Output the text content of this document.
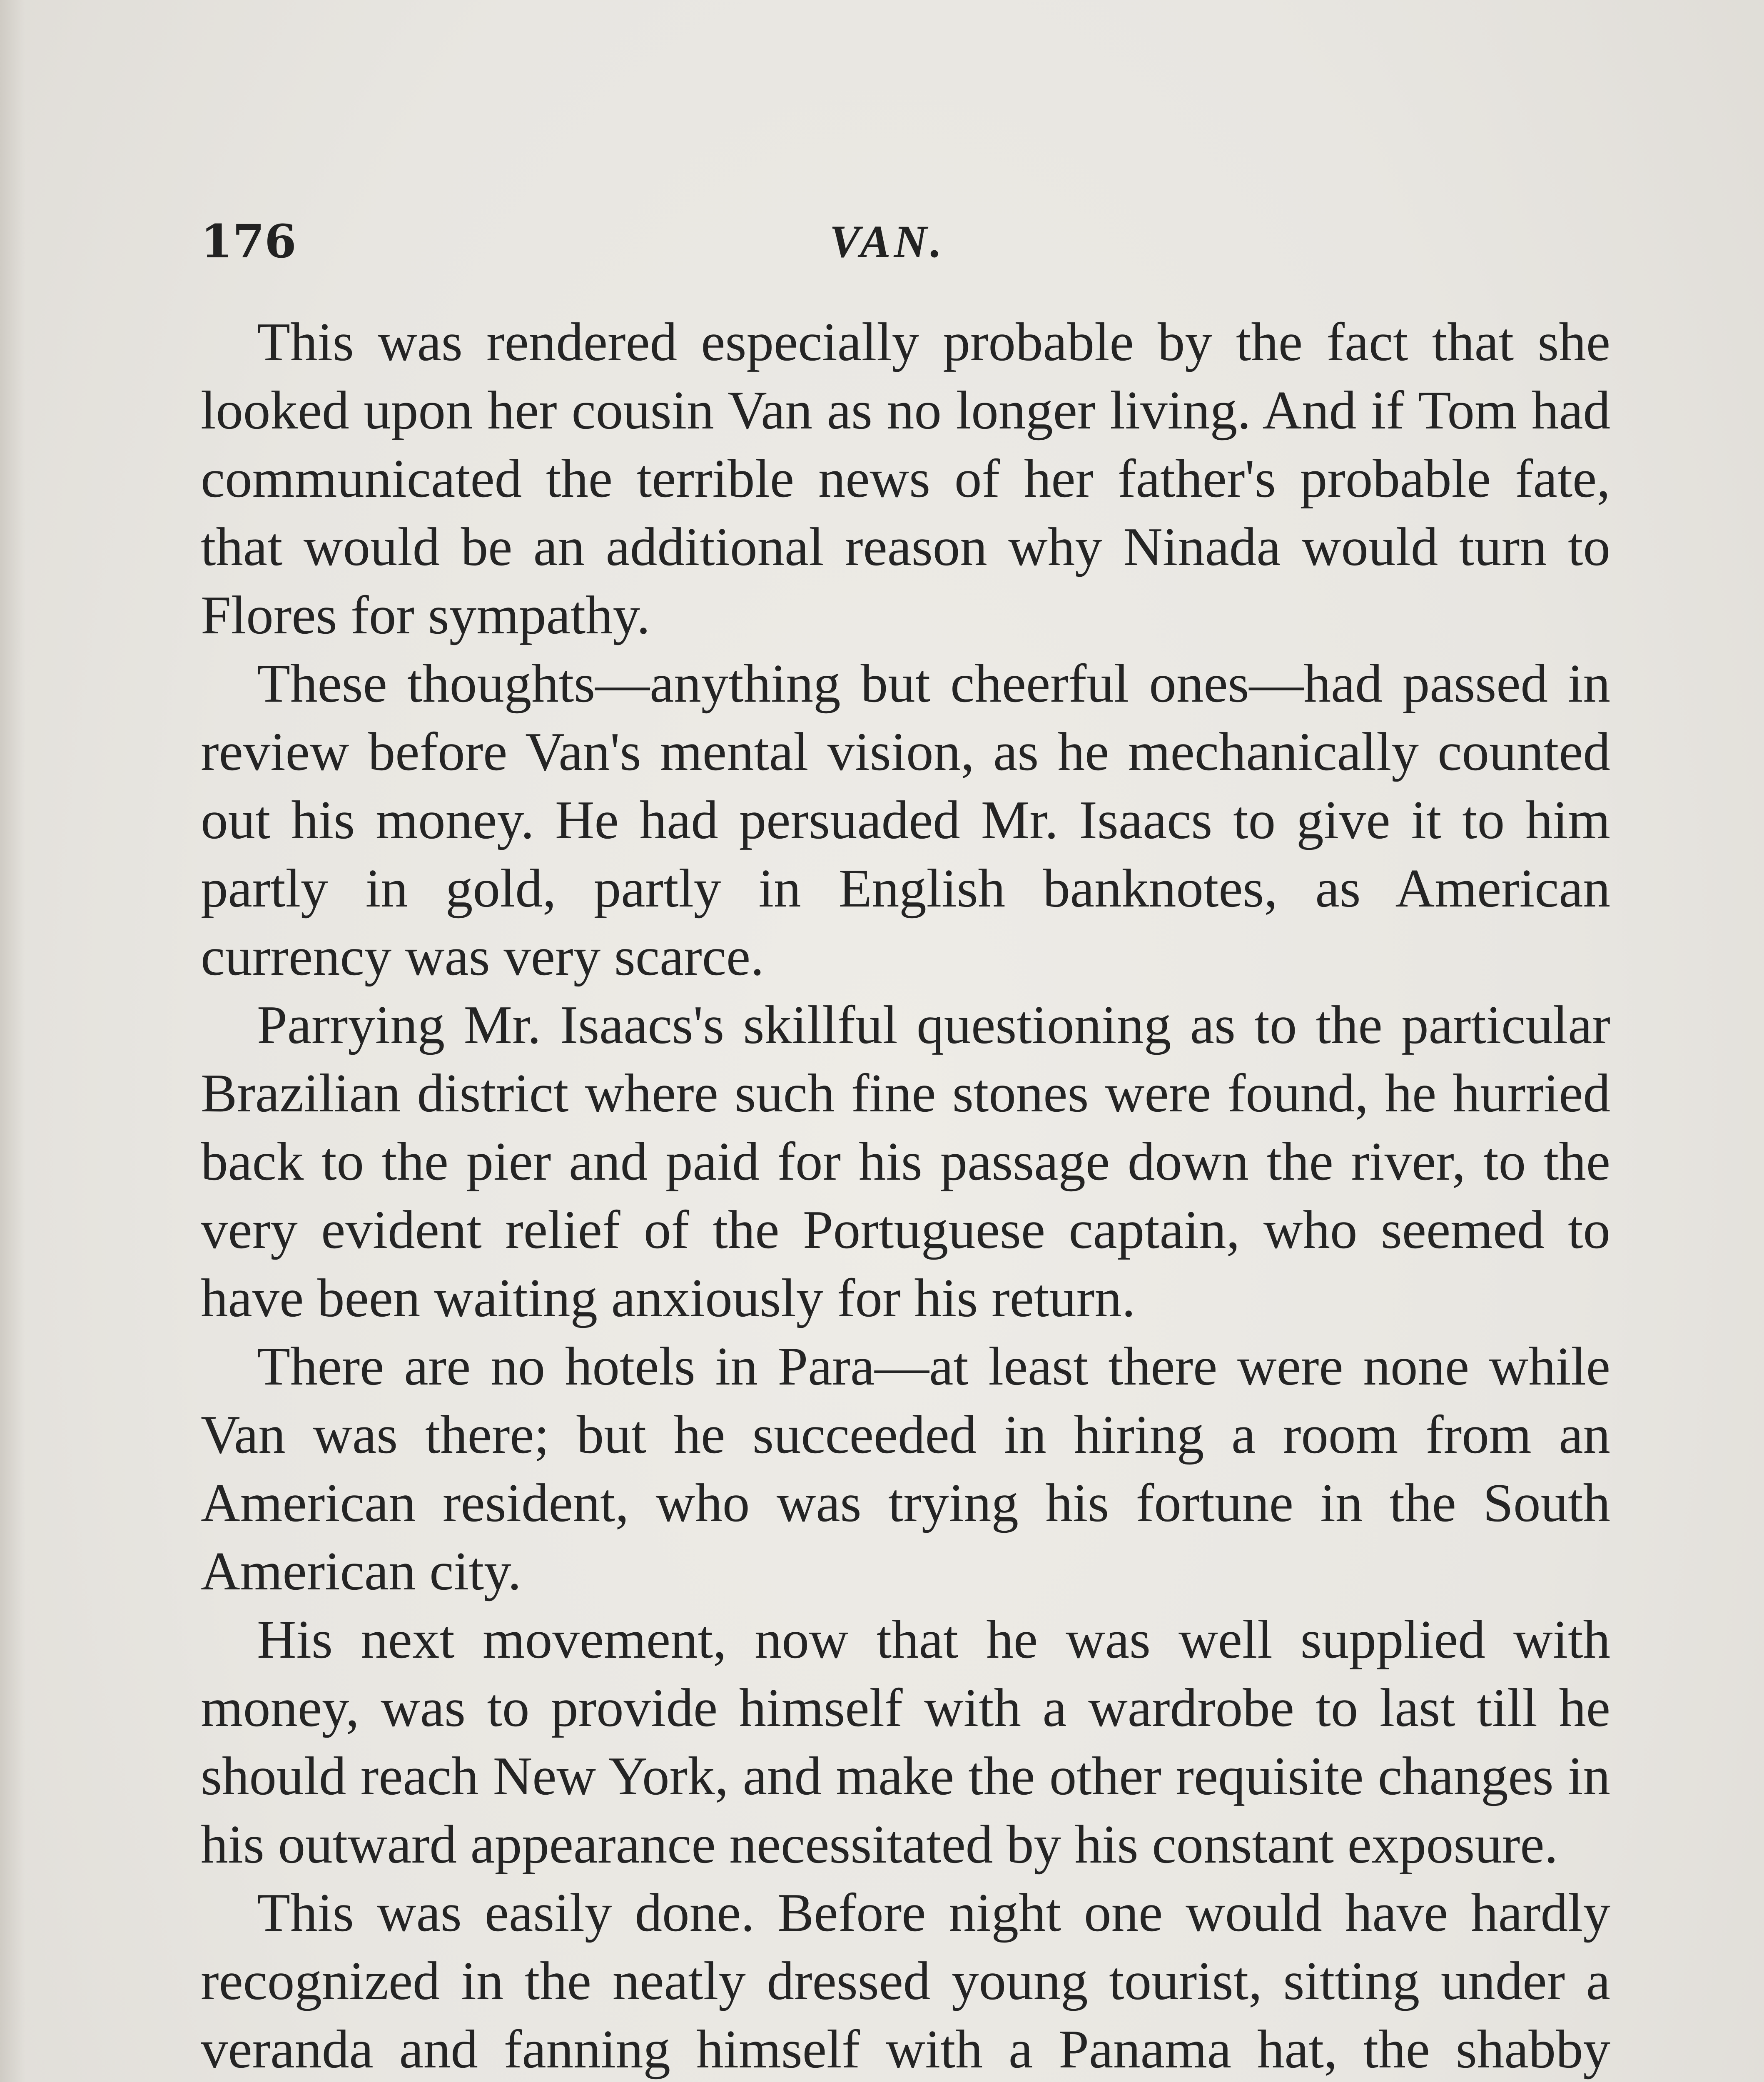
176	VAN.

This was rendered especially probable by the fact that she looked upon her cousin Van as no longer living. And if Tom had communicated the terrible news of her father's probable fate, that would be an additional reason why Ninada would turn to Flores for sympathy.

These thoughts—anything but cheerful ones—had passed in review before Van's mental vision, as he mechanically counted out his money. He had persuaded Mr. Isaacs to give it to him partly in gold, partly in English banknotes, as American currency was very scarce.

Parrying Mr. Isaacs's skillful questioning as to the particular Brazilian district where such fine stones were found, he hurried back to the pier and paid for his passage down the river, to the very evident relief of the Portuguese captain, who seemed to have been waiting anxiously for his return.

There are no hotels in Para—at least there were none while Van was there; but he succeeded in hiring a room from an American resident, who was trying his fortune in the South American city.

His next movement, now that he was well supplied with money, was to provide himself with a wardrobe to last till he should reach New York, and make the other requisite changes in his outward appearance necessitated by his constant exposure.

This was easily done. Before night one would have hardly recognized in the neatly dressed young tourist, sitting under a veranda and fanning himself with a Panama hat, the shabby
